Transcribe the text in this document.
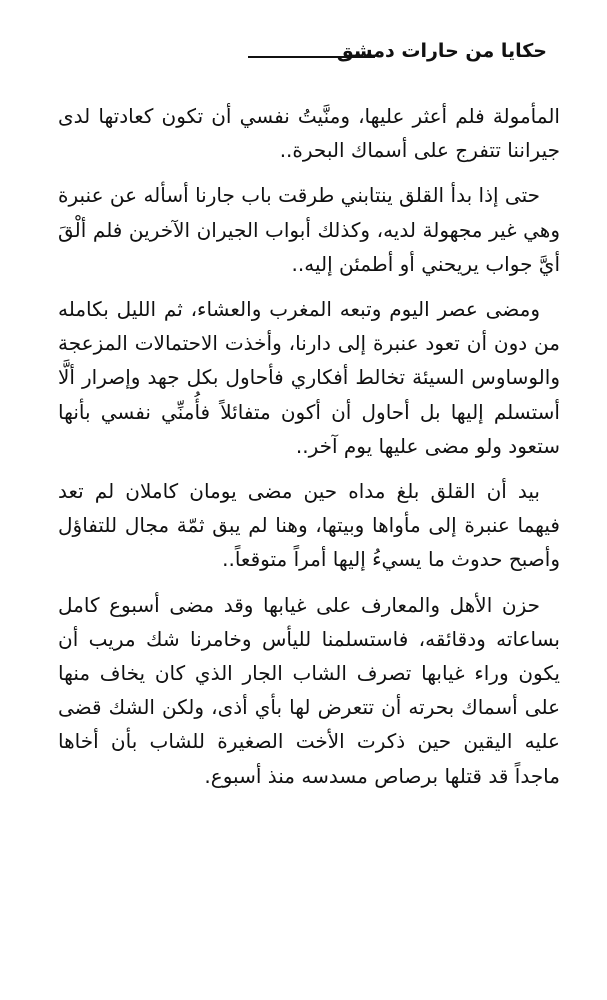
حكايا من حارات دمشق

المأمولة فلم أعثر عليها، ومنَّيتُ نفسي أن تكون كعادتها لدى جيراننا تتفرج على أسماك البحرة..

حتى إذا بدأ القلق ينتابني طرقت باب جارنا أسأله عن عنبرة وهي غير مجهولة لديه، وكذلك أبواب الجيران الآخرين فلم ألْقَ أيَّ جواب يريحني أو أطمئن إليه..

ومضى عصر اليوم وتبعه المغرب والعشاء، ثم الليل بكامله من دون أن تعود عنبرة إلى دارنا، وأخذت الاحتمالات المزعجة والوساوس السيئة تخالط أفكاري فأحاول بكل جهد وإصرار ألَّا أستسلم إليها بل أحاول أن أكون متفائلاً فأُمنِّي نفسي بأنها ستعود ولو مضى عليها يوم آخر..

بيد أن القلق بلغ مداه حين مضى يومان كاملان لم تعد فيهما عنبرة إلى مأواها وبيتها، وهنا لم يبق ثمّة مجال للتفاؤل وأصبح حدوث ما يسيءُ إليها أمراً متوقعاً..

حزن الأهل والمعارف على غيابها وقد مضى أسبوع كامل بساعاته ودقائقه، فاستسلمنا لليأس وخامرنا شك مريب أن يكون وراء غيابها تصرف الشاب الجار الذي كان يخاف منها على أسماك بحرته أن تتعرض لها بأي أذى، ولكن الشك قضى عليه اليقين حين ذكرت الأخت الصغيرة للشاب بأن أخاها ماجداً قد قتلها برصاص مسدسه منذ أسبوع.
